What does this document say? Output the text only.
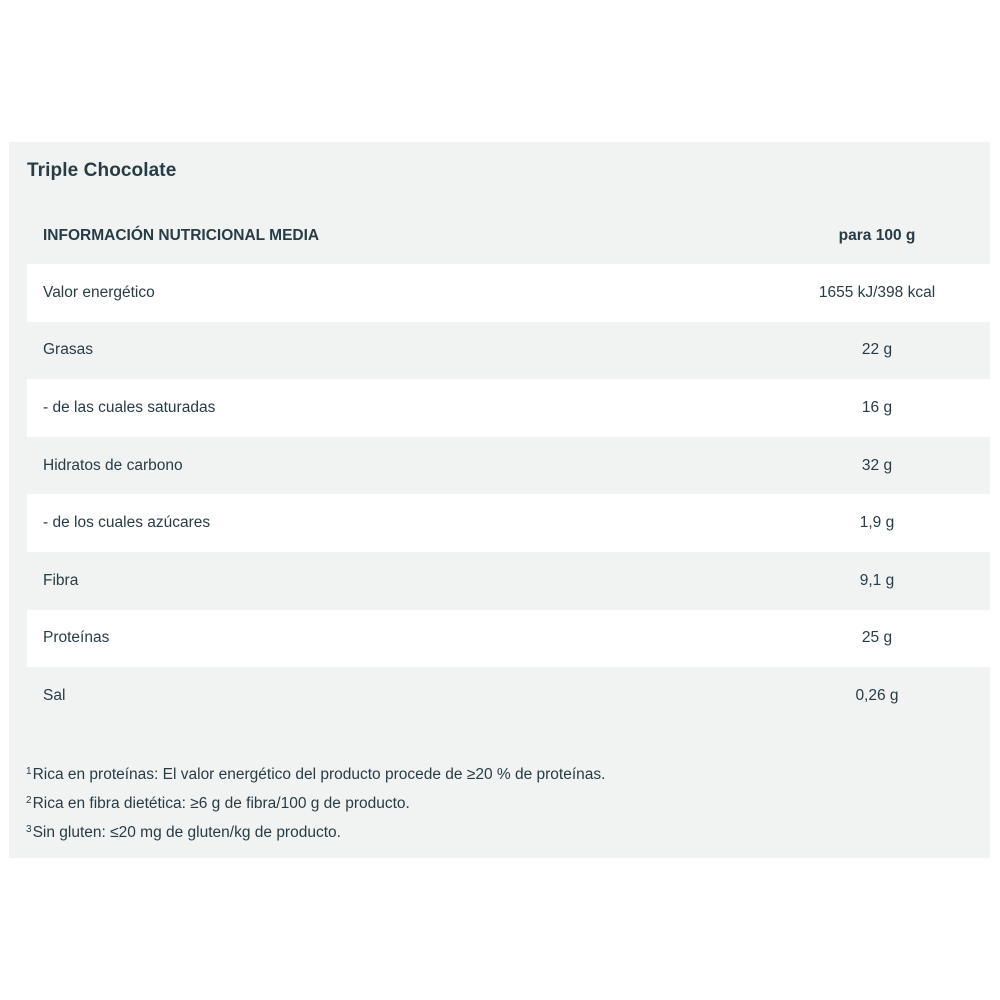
Triple Chocolate
INFORMACIÓN NUTRICIONAL MEDIA	para 100 g
Valor energético	1655 kJ/398 kcal
Grasas	22 g
- de las cuales saturadas	16 g
Hidratos de carbono	32 g
- de los cuales azúcares	1,9 g
Fibra	9,1 g
Proteínas	25 g
Sal	0,26 g
$^1$Rica en proteínas: El valor energético del producto procede de ≥20 % de proteínas.
$^2$Rica en fibra dietética: ≥6 g de fibra/100 g de producto.
$^3$Sin gluten: ≤20 mg de gluten/kg de producto.
